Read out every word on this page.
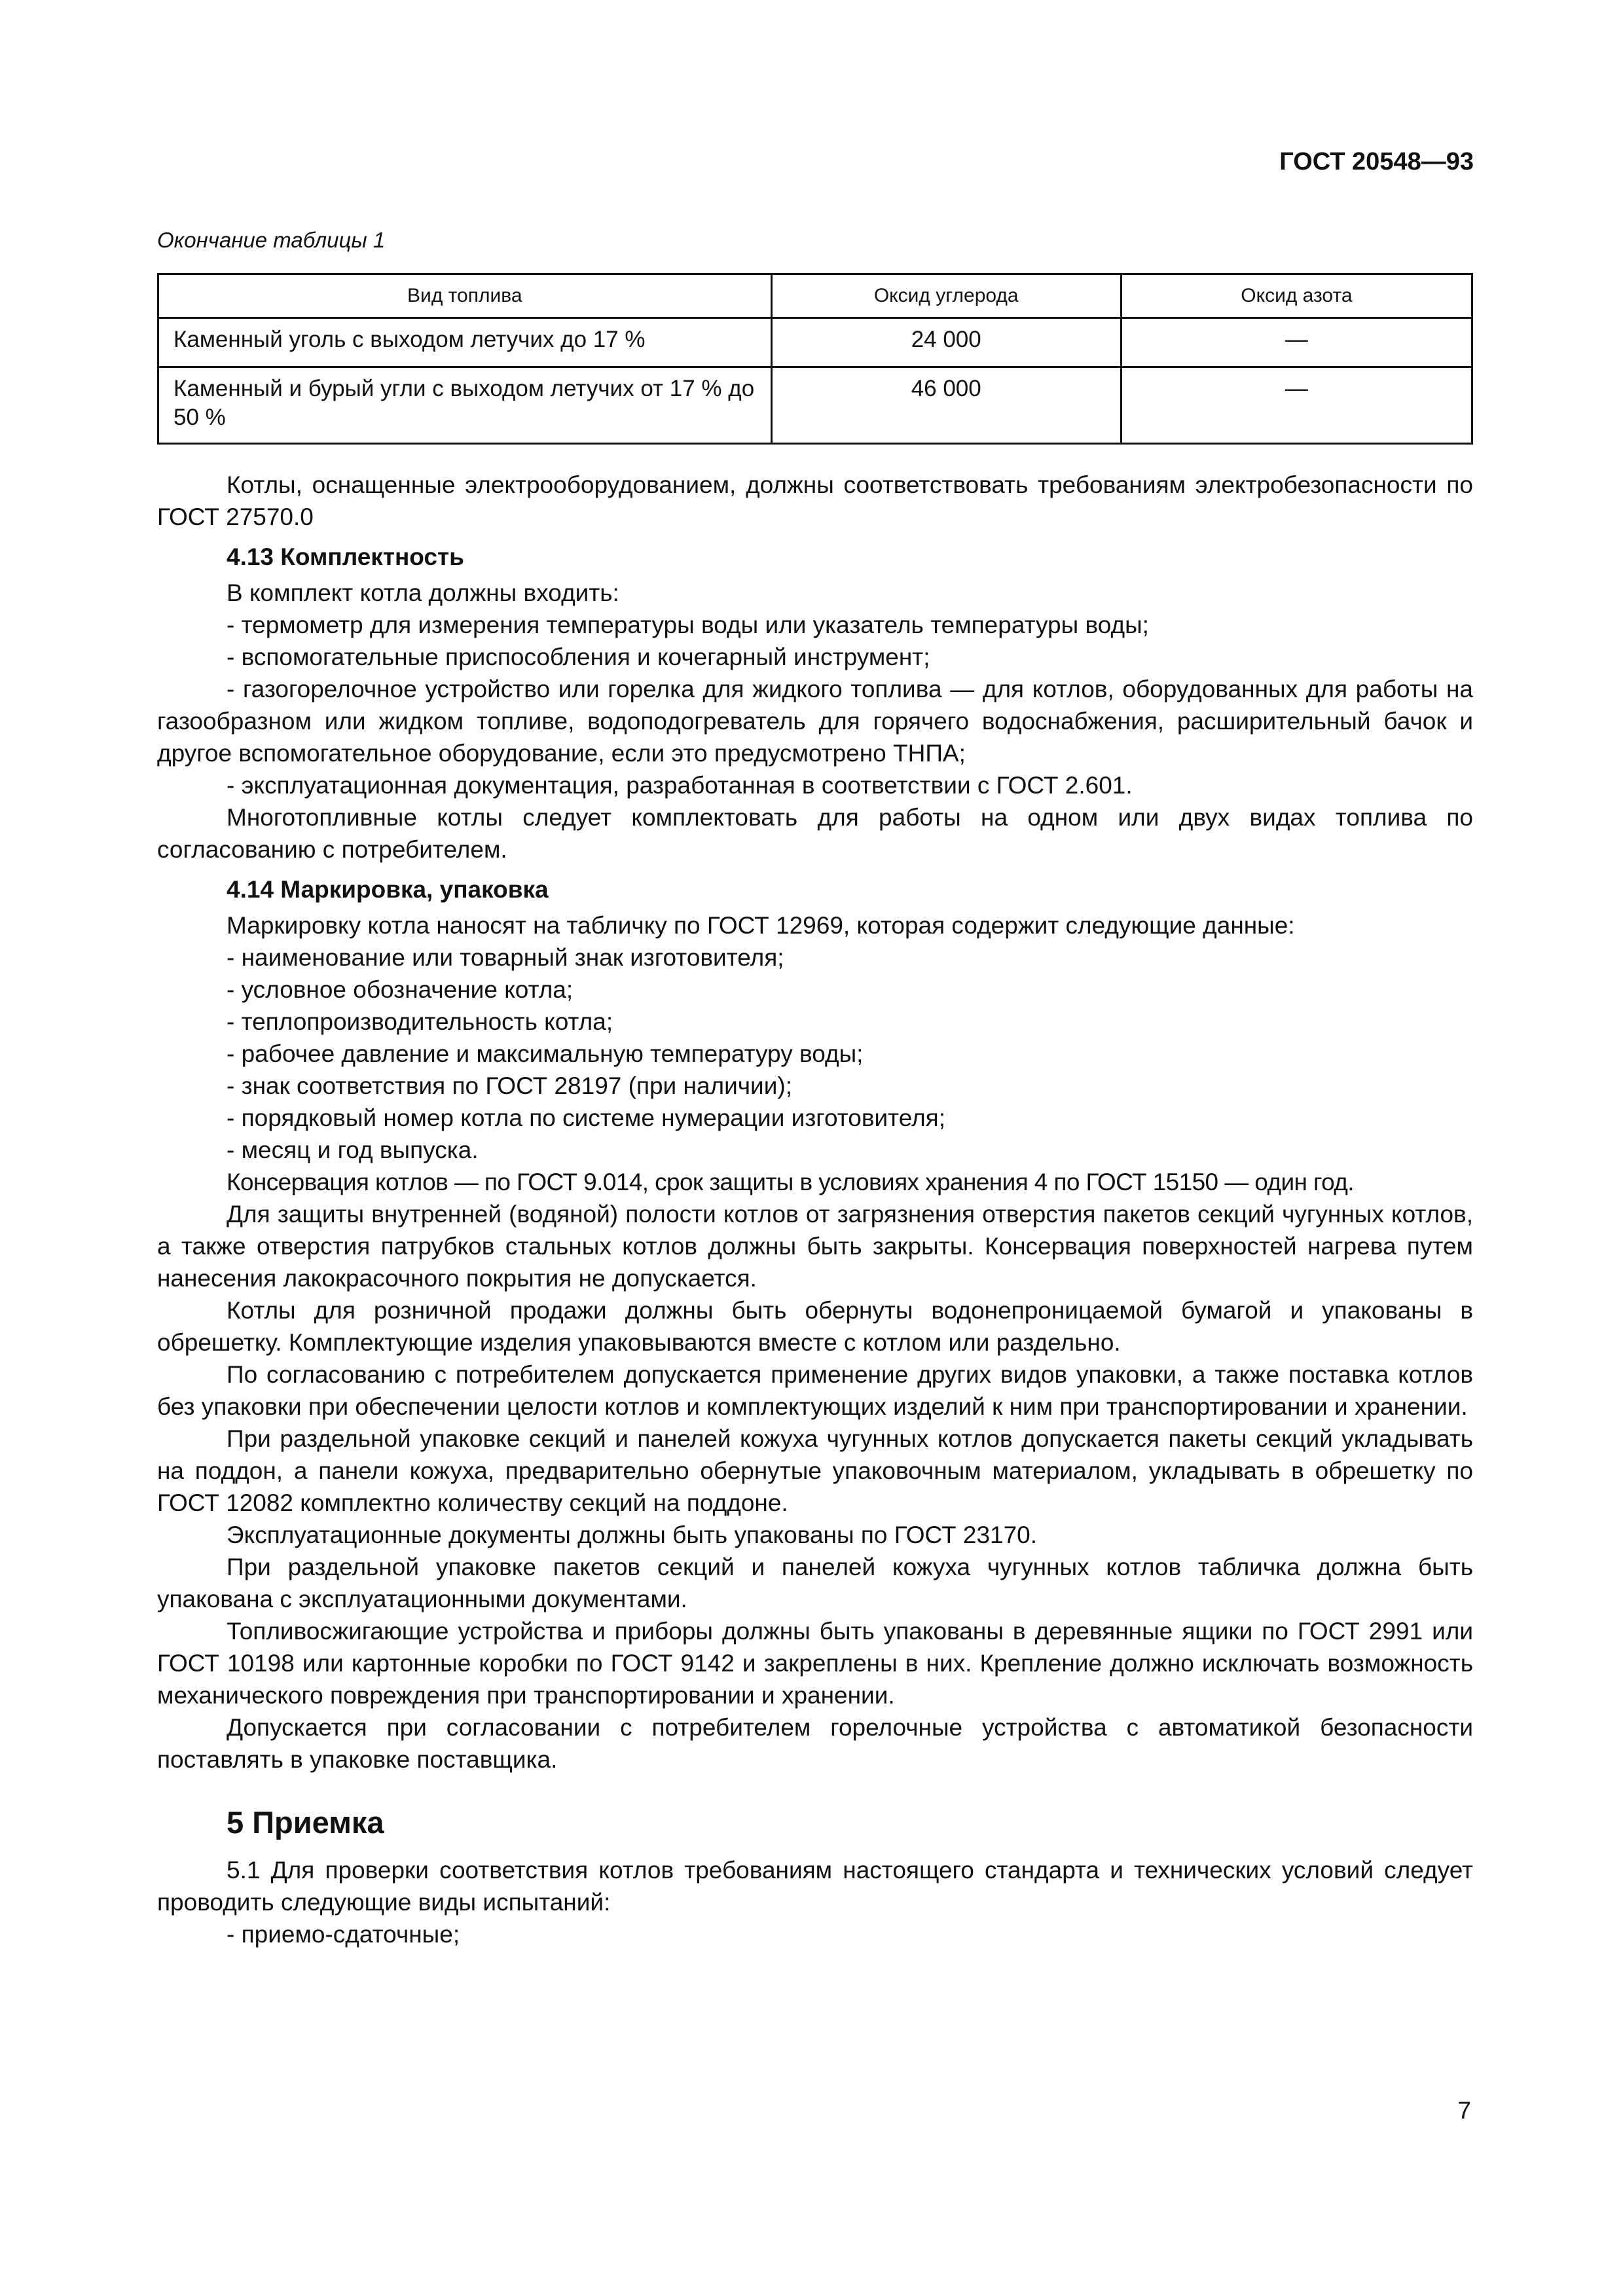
ГОСТ 20548—93
Окончание таблицы 1
Вид топлива	Оксид углерода	Оксид азота
Каменный уголь с выходом летучих до 17 %	24 000	—
Каменный и бурый угли с выходом летучих от 17 % до 50 %	46 000	—

Котлы, оснащенные электрооборудованием, должны соответствовать требованиям электробезопасности по ГОСТ 27570.0

4.13 Комплектность

В комплект котла должны входить:

- термометр для измерения температуры воды или указатель температуры воды;

- вспомогательные приспособления и кочегарный инструмент;

- газогорелочное устройство или горелка для жидкого топлива — для котлов, оборудованных для работы на газообразном или жидком топливе, водоподогреватель для горячего водоснабжения, расширительный бачок и другое вспомогательное оборудование, если это предусмотрено ТНПА;

- эксплуатационная документация, разработанная в соответствии с ГОСТ 2.601.

Многотопливные котлы следует комплектовать для работы на одном или двух видах топлива по согласованию с потребителем.

4.14 Маркировка, упаковка

Маркировку котла наносят на табличку по ГОСТ 12969, которая содержит следующие данные:

- наименование или товарный знак изготовителя;

- условное обозначение котла;

- теплопроизводительность котла;

- рабочее давление и максимальную температуру воды;

- знак соответствия по ГОСТ 28197 (при наличии);

- порядковый номер котла по системе нумерации изготовителя;

- месяц и год выпуска.

Консервация котлов — по ГОСТ 9.014, срок защиты в условиях хранения 4 по ГОСТ 15150 — один год.

Для защиты внутренней (водяной) полости котлов от загрязнения отверстия пакетов секций чугунных котлов, а также отверстия патрубков стальных котлов должны быть закрыты. Консервация поверхностей нагрева путем нанесения лакокрасочного покрытия не допускается.

Котлы для розничной продажи должны быть обернуты водонепроницаемой бумагой и упакованы в обрешетку. Комплектующие изделия упаковываются вместе с котлом или раздельно.

По согласованию с потребителем допускается применение других видов упаковки, а также поставка котлов без упаковки при обеспечении целости котлов и комплектующих изделий к ним при транспортировании и хранении.

При раздельной упаковке секций и панелей кожуха чугунных котлов допускается пакеты секций укладывать на поддон, а панели кожуха, предварительно обернутые упаковочным материалом, укладывать в обрешетку по ГОСТ 12082 комплектно количеству секций на поддоне.

Эксплуатационные документы должны быть упакованы по ГОСТ 23170.

При раздельной упаковке пакетов секций и панелей кожуха чугунных котлов табличка должна быть упакована с эксплуатационными документами.

Топливосжигающие устройства и приборы должны быть упакованы в деревянные ящики по ГОСТ 2991 или ГОСТ 10198 или картонные коробки по ГОСТ 9142 и закреплены в них. Крепление должно исключать возможность механического повреждения при транспортировании и хранении.

Допускается при согласовании с потребителем горелочные устройства с автоматикой безопасности поставлять в упаковке поставщика.

5 Приемка

5.1 Для проверки соответствия котлов требованиям настоящего стандарта и технических условий следует проводить следующие виды испытаний:

- приемо-сдаточные;

7
